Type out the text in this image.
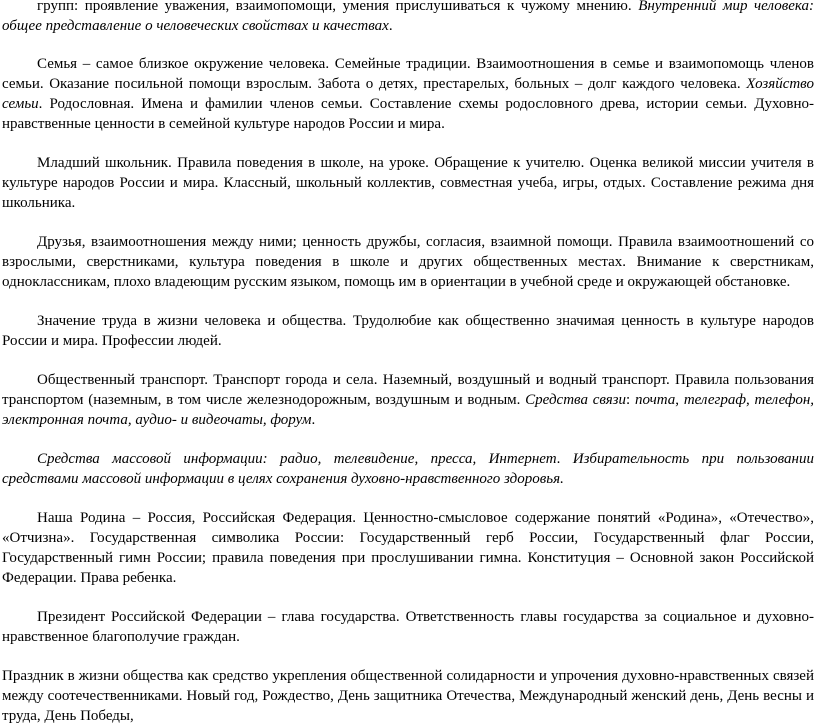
групп: проявление уважения, взаимопомощи, умения прислушиваться к чужому мнению. Внутренний мир человека: общее представление о человеческих свойствах и качествах.

Семья – самое близкое окружение человека. Семейные традиции. Взаимоотношения в семье и взаимопомощь членов семьи. Оказание посильной помощи взрослым. Забота о детях, престарелых, больных – долг каждого человека. Хозяйство семьи. Родословная. Имена и фамилии членов семьи. Составление схемы родословного древа, истории семьи. Духовно-нравственные ценности в семейной культуре народов России и мира.

Младший школьник. Правила поведения в школе, на уроке. Обращение к учителю. Оценка великой миссии учителя в культуре народов России и мира. Классный, школьный коллектив, совместная учеба, игры, отдых. Составление режима дня школьника.

Друзья, взаимоотношения между ними; ценность дружбы, согласия, взаимной помощи. Правила взаимоотношений со взрослыми, сверстниками, культура поведения в школе и других общественных местах. Внимание к сверстникам, одноклассникам, плохо владеющим русским языком, помощь им в ориентации в учебной среде и окружающей обстановке.

Значение труда в жизни человека и общества. Трудолюбие как общественно значимая ценность в культуре народов России и мира. Профессии людей.

Общественный транспорт. Транспорт города и села. Наземный, воздушный и водный транспорт. Правила пользования транспортом (наземным, в том числе железнодорожным, воздушным и водным. Средства связи: почта, телеграф, телефон, электронная почта, аудио- и видеочаты, форум.

Средства массовой информации: радио, телевидение, пресса, Интернет. Избирательность при пользовании средствами массовой информации в целях сохранения духовно-нравственного здоровья.

Наша Родина – Россия, Российская Федерация. Ценностно-смысловое содержание понятий «Родина», «Отечество», «Отчизна». Государственная символика России: Государственный герб России, Государственный флаг России, Государственный гимн России; правила поведения при прослушивании гимна. Конституция – Основной закон Российской Федерации. Права ребенка.

Президент Российской Федерации – глава государства. Ответственность главы государства за социальное и духовно-нравственное благополучие граждан.

Праздник в жизни общества как средство укрепления общественной солидарности и упрочения духовно-нравственных связей между соотечественниками. Новый год, Рождество, День защитника Отечества, Международный женский день, День весны и труда, День Победы,
